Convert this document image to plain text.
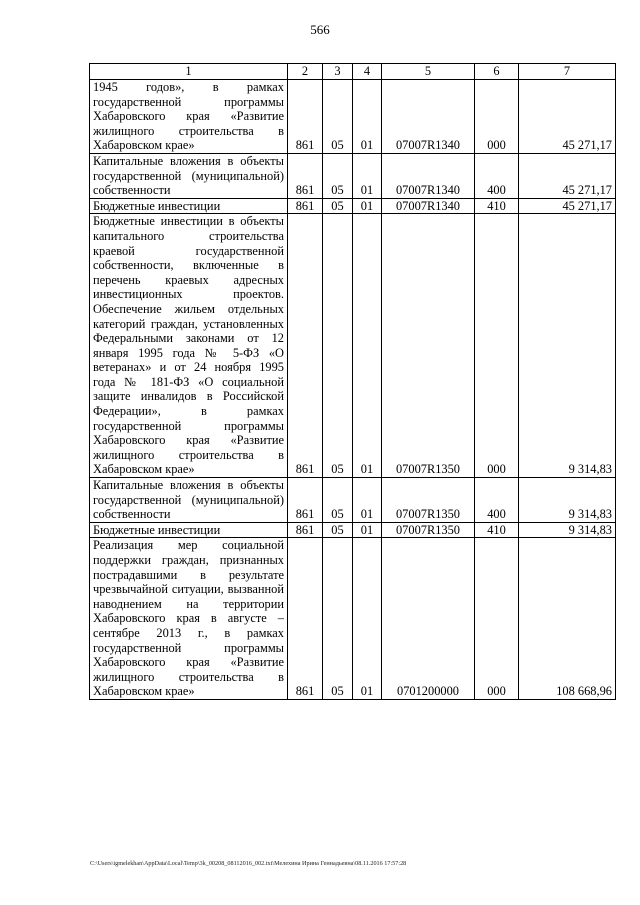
566
1	2	3	4	5	6	7
1945 годов», в рамках государственной программы Хабаровского края «Развитие жилищного строительства в Хабаровском крае»	861	05	01	07007R1340	000	45 271,17
Капитальные вложения в объекты государственной (муниципальной) собственности	861	05	01	07007R1340	400	45 271,17
Бюджетные инвестиции	861	05	01	07007R1340	410	45 271,17
Бюджетные инвестиции в объекты капитального строительства краевой государственной собственности, включенные в перечень краевых адресных инвестиционных проектов. Обеспечение жильем отдельных категорий граждан, установленных Федеральными законами от 12 января 1995 года № 5-ФЗ «О ветеранах» и от 24 ноября 1995 года № 181-ФЗ «О социальной защите инвалидов в Российской Федерации», в рамках государственной программы Хабаровского края «Развитие жилищного строительства в Хабаровском крае»	861	05	01	07007R1350	000	9 314,83
Капитальные вложения в объекты государственной (муниципальной) собственности	861	05	01	07007R1350	400	9 314,83
Бюджетные инвестиции	861	05	01	07007R1350	410	9 314,83
Реализация мер социальной поддержки граждан, признанных пострадавшими в результате чрезвычайной ситуации, вызванной наводнением на территории Хабаровского края в августе – сентябре 2013 г., в рамках государственной программы Хабаровского края «Развитие жилищного строительства в Хабаровском крае»	861	05	01	0701200000	000	108 668,96
C:\Users\igmelekhan\AppData\Local\Temp\3k_00208_08112016_002.txt\Мелехина Ирина Геннадьевна\08.11.2016 17:57:28
